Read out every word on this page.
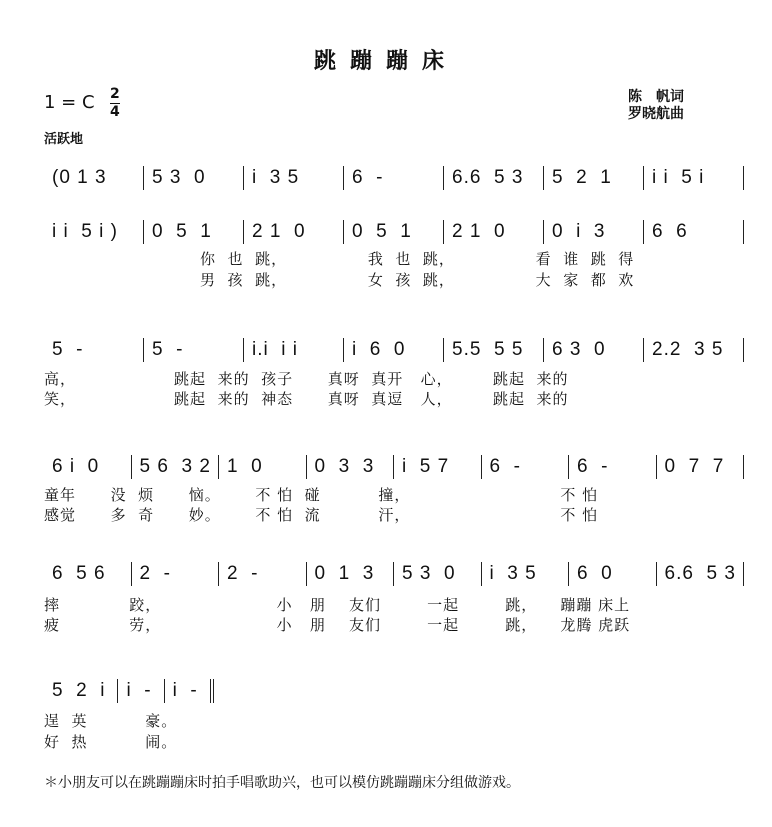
跳蹦蹦床
1 = C $\frac{2}{4}$
活跃地
陈　帆词
罗晓航曲
(0 1 3	5 3  0	i  3 5	6  -	6.6  5 3	5  2  1	i i  5 i
i i  5 i )	0  5  1	2 1  0	0  5  1	2 1  0	0  i  3	6  6
你  也  跳，              我  也  跳，              看  谁  跳  得
男  孩  跳，              女  孩  跳，              大  家  都  欢
5  -	5  -	i.i  i i	i  6  0	5.5  5 5	6 3  0	2.2  3 5
高，                 跳起  来的  孩子      真呀  真开   心，       跳起  来的
笑，                 跳起  来的  神态      真呀  真逗   人，       跳起  来的
6 i  0	5 6  3 2 1  0	0  3  3	i  5 7	6  -	6  -	0  7  7
童年      没  烦      恼。      不 怕  碰          撞，                          不 怕
感觉      多  奇      妙。      不 怕  流          汗，                          不 怕
6  5 6	2  -	2  -	0  1  3	5 3  0	i  3 5	6  0	6.6  5 3
摔            跤，                    小   朋    友们        一起        跳，    蹦蹦 床上
疲            劳，                    小   朋    友们        一起        跳，    龙腾 虎跃
5  2  i	i  -	i  -
逞  英          豪。
好  热          闹。
＊小朋友可以在跳蹦蹦床时拍手唱歌助兴，也可以模仿跳蹦蹦床分组做游戏。
